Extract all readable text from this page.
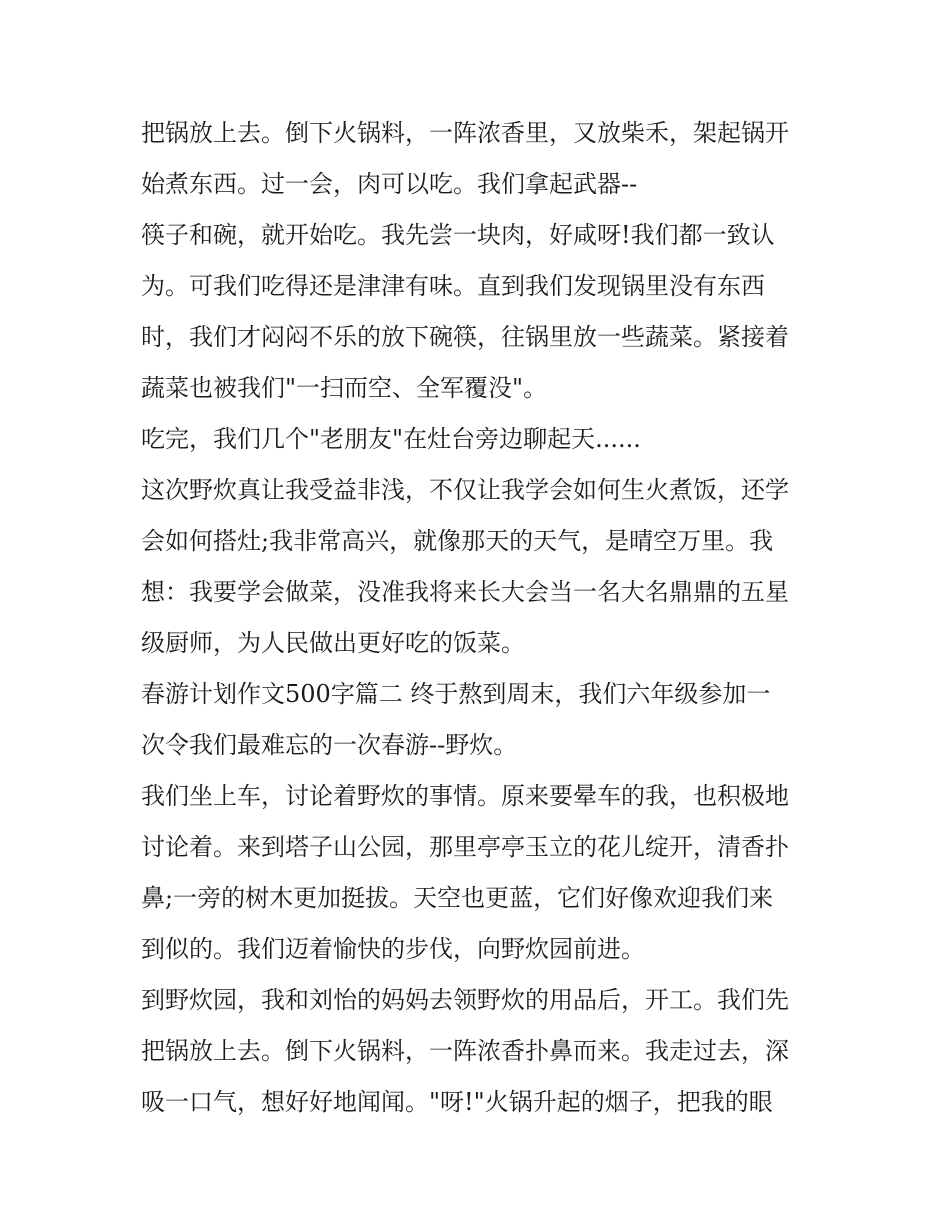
把锅放上去。倒下火锅料，一阵浓香里，又放柴禾，架起锅开
始煮东西。过一会，肉可以吃。我们拿起武器--
筷子和碗，就开始吃。我先尝一块肉，好咸呀!我们都一致认
为。可我们吃得还是津津有味。直到我们发现锅里没有东西
时，我们才闷闷不乐的放下碗筷，往锅里放一些蔬菜。紧接着
蔬菜也被我们"一扫而空、全军覆没"。
吃完，我们几个"老朋友"在灶台旁边聊起天......
这次野炊真让我受益非浅，不仅让我学会如何生火煮饭，还学
会如何搭灶;我非常高兴，就像那天的天气，是晴空万里。我
想：我要学会做菜，没准我将来长大会当一名大名鼎鼎的五星
级厨师，为人民做出更好吃的饭菜。
春游计划作文500字篇二 终于熬到周末，我们六年级参加一
次令我们最难忘的一次春游--野炊。
我们坐上车，讨论着野炊的事情。原来要晕车的我，也积极地
讨论着。来到塔子山公园，那里亭亭玉立的花儿绽开，清香扑
鼻;一旁的树木更加挺拔。天空也更蓝，它们好像欢迎我们来
到似的。我们迈着愉快的步伐，向野炊园前进。
到野炊园，我和刘怡的妈妈去领野炊的用品后，开工。我们先
把锅放上去。倒下火锅料，一阵浓香扑鼻而来。我走过去，深
吸一口气，想好好地闻闻。"呀!"火锅升起的烟子，把我的眼
